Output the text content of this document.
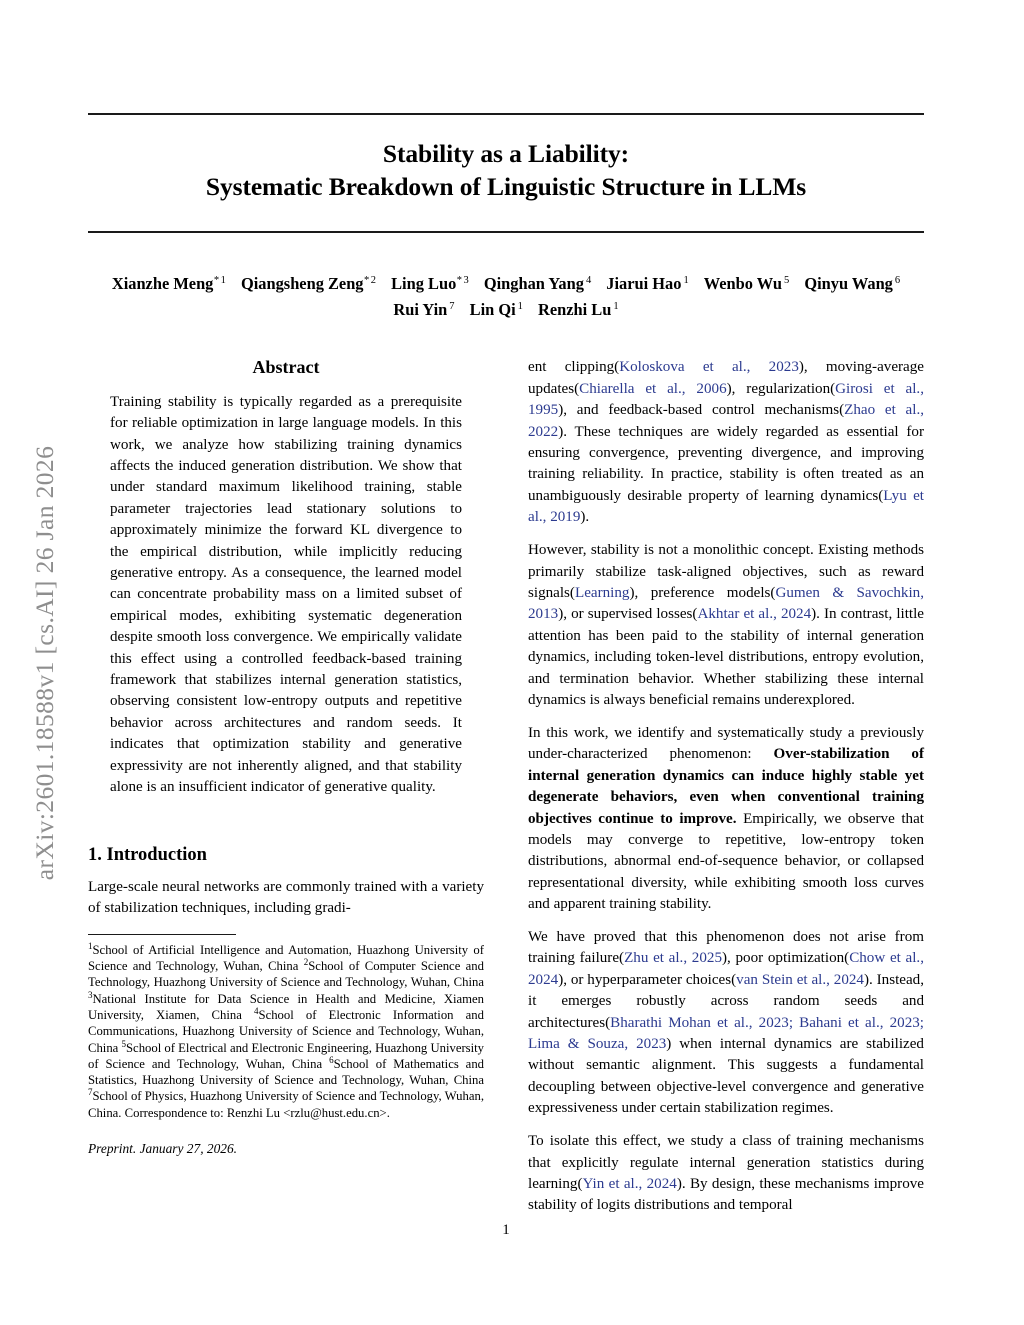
arXiv:2601.18588v1 [cs.AI] 26 Jan 2026
Stability as a Liability:
Systematic Breakdown of Linguistic Structure in LLMs
Xianzhe Meng$^{* 1}$ Qiangsheng Zeng$^{* 2}$ Ling Luo$^{* 3}$ Qinghan Yang $^4$ Jiarui Hao $^1$ Wenbo Wu $^5$ Qinyu Wang $^6$
Rui Yin $^7$ Lin Qi $^1$ Renzhi Lu $^1$
Abstract

Training stability is typically regarded as a prerequisite for reliable optimization in large language models. In this work, we analyze how stabilizing training dynamics affects the induced generation distribution. We show that under standard maximum likelihood training, stable parameter trajectories lead stationary solutions to approximately minimize the forward KL divergence to the empirical distribution, while implicitly reducing generative entropy. As a consequence, the learned model can concentrate probability mass on a limited subset of empirical modes, exhibiting systematic degeneration despite smooth loss convergence. We empirically validate this effect using a controlled feedback-based training framework that stabilizes internal generation statistics, observing consistent low-entropy outputs and repetitive behavior across architectures and random seeds. It indicates that optimization stability and generative expressivity are not inherently aligned, and that stability alone is an insufficient indicator of generative quality.

1. Introduction

Large-scale neural networks are commonly trained with a variety of stabilization techniques, including gradi-

$^1$School of Artificial Intelligence and Automation, Huazhong University of Science and Technology, Wuhan, China $^2$School of Computer Science and Technology, Huazhong University of Science and Technology, Wuhan, China $^3$National Institute for Data Science in Health and Medicine, Xiamen University, Xiamen, China $^4$School of Electronic Information and Communications, Huazhong University of Science and Technology, Wuhan, China $^5$School of Electrical and Electronic Engineering, Huazhong University of Science and Technology, Wuhan, China $^6$School of Mathematics and Statistics, Huazhong University of Science and Technology, Wuhan, China $^7$School of Physics, Huazhong University of Science and Technology, Wuhan, China. Correspondence to: Renzhi Lu <rzlu@hust.edu.cn>.
Preprint. January 27, 2026.

ent clipping(Koloskova et al., 2023), moving-average updates(Chiarella et al., 2006), regularization(Girosi et al., 1995), and feedback-based control mechanisms(Zhao et al., 2022). These techniques are widely regarded as essential for ensuring convergence, preventing divergence, and improving training reliability. In practice, stability is often treated as an unambiguously desirable property of learning dynamics(Lyu et al., 2019).

However, stability is not a monolithic concept. Existing methods primarily stabilize task-aligned objectives, such as reward signals(Learning), preference models(Gumen & Savochkin, 2013), or supervised losses(Akhtar et al., 2024). In contrast, little attention has been paid to the stability of internal generation dynamics, including token-level distributions, entropy evolution, and termination behavior. Whether stabilizing these internal dynamics is always beneficial remains underexplored.

In this work, we identify and systematically study a previously under-characterized phenomenon: Over-stabilization of internal generation dynamics can induce highly stable yet degenerate behaviors, even when conventional training objectives continue to improve. Empirically, we observe that models may converge to repetitive, low-entropy token distributions, abnormal end-of-sequence behavior, or collapsed representational diversity, while exhibiting smooth loss curves and apparent training stability.

We have proved that this phenomenon does not arise from training failure(Zhu et al., 2025), poor optimization(Chow et al., 2024), or hyperparameter choices(van Stein et al., 2024). Instead, it emerges robustly across random seeds and architectures(Bharathi Mohan et al., 2023; Bahani et al., 2023; Lima & Souza, 2023) when internal dynamics are stabilized without semantic alignment. This suggests a fundamental decoupling between objective-level convergence and generative expressiveness under certain stabilization regimes.

To isolate this effect, we study a class of training mechanisms that explicitly regulate internal generation statistics during learning(Yin et al., 2024). By design, these mechanisms improve stability of logits distributions and temporal

1
